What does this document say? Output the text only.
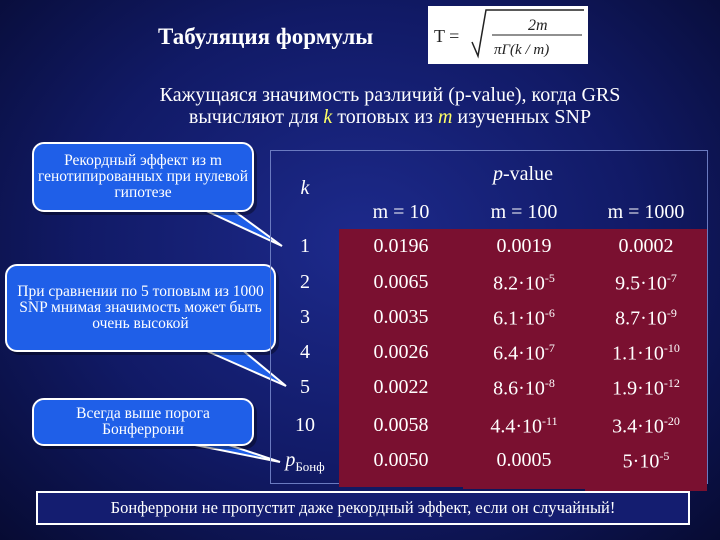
Табуляция формулы	T =
2m
πΓ(k / m)
Кажущаяся значимость различий (p-value), когда GRS
вычисляют для k топовых из m изученных SNP
Рекордный эффект из m генотипированных при нулевой гипотезе
При сравнении по 5 топовым из 1000 SNP мнимая значимость может быть очень высокой
Всегда выше порога Бонферрони
k
p-value
m = 10	m = 100	m = 1000
1	0.0196	0.0019	0.0002
2	0.0065	$8.2\cdot 10^{-5}$	$9.5\cdot 10^{-7}$
3	0.0035	$6.1\cdot 10^{-6}$	$8.7\cdot 10^{-9}$
4	0.0026	$6.4\cdot 10^{-7}$	$1.1\cdot 10^{-10}$
5	0.0022	$8.6\cdot 10^{-8}$	$1.9\cdot 10^{-12}$
10	0.0058	$4.4\cdot 10^{-11}$	$3.4\cdot 10^{-20}$
$p_{Бонф}$	0.0050	0.0005	$5\cdot 10^{-5}$
Бонферрони не пропустит даже рекордный эффект, если он случайный!
